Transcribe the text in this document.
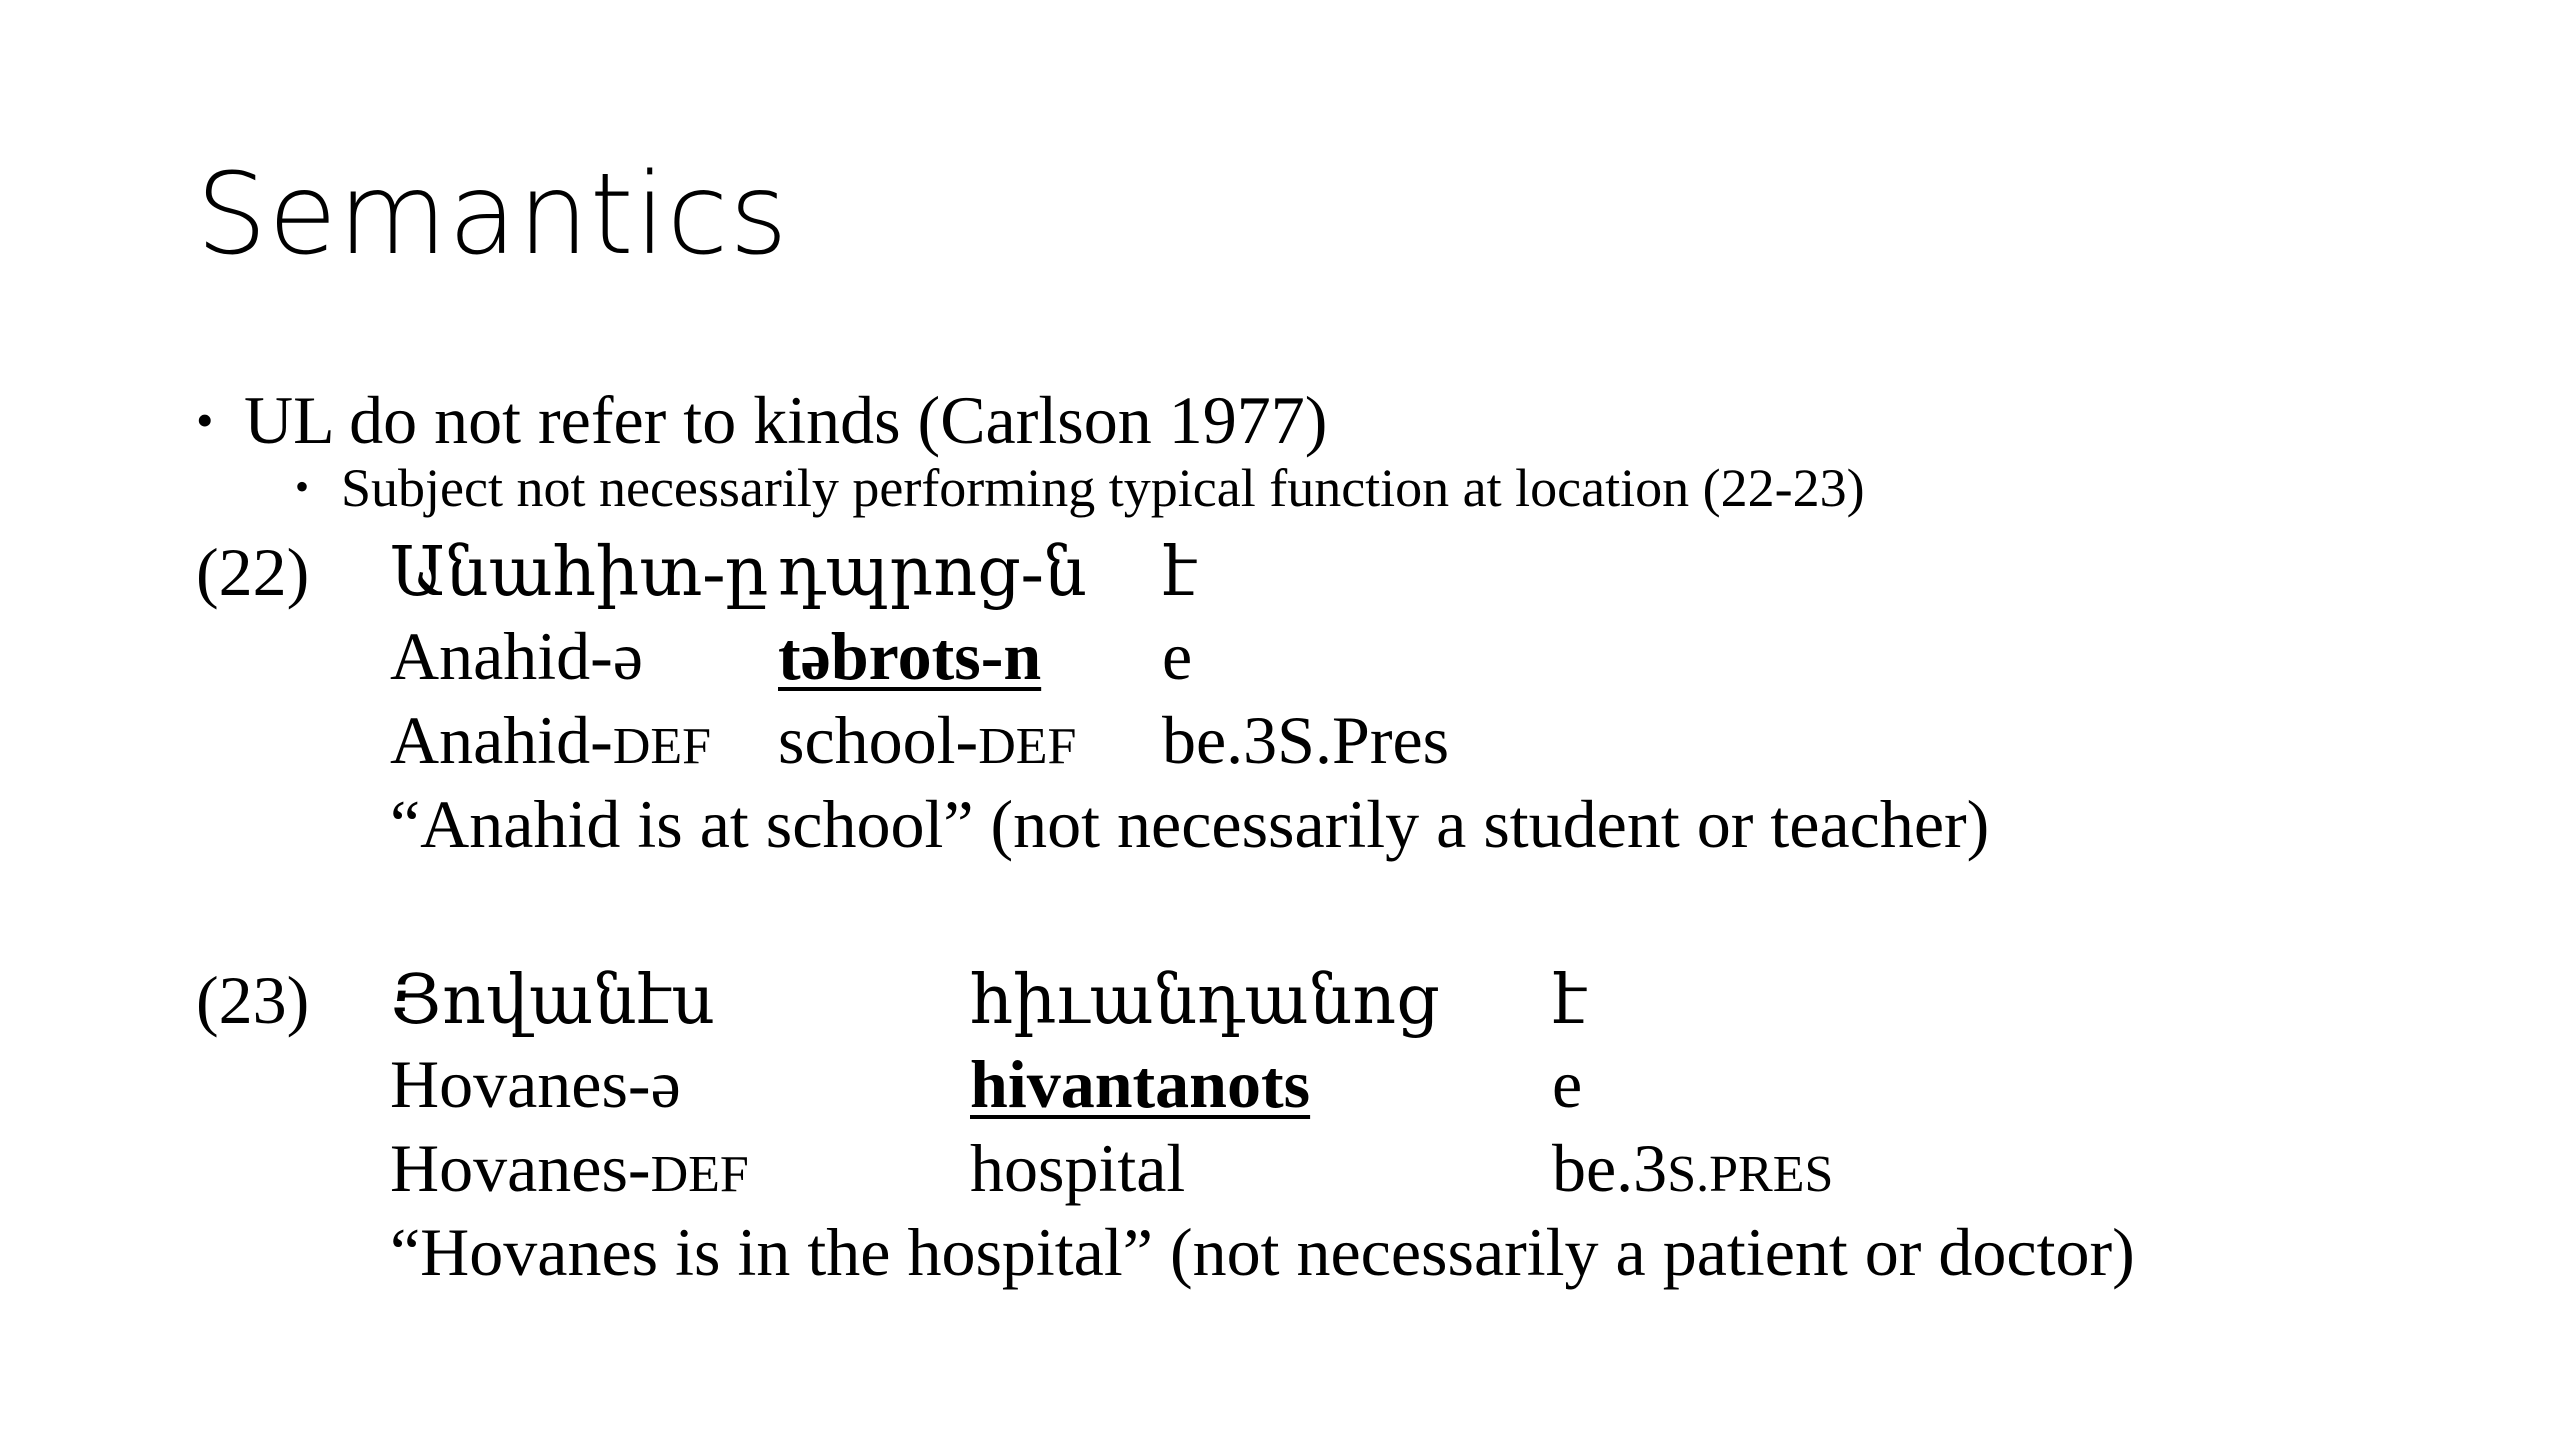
Semantics
• UL do not refer to kinds (Carlson 1977)
• Subject not necessarily performing typical function at location (22-23)
(22) Անահիտ-ը դպրոց-ն է
Anahid-ə təbrots-n e
Anahid-DEF school-DEF be.3S.Pres
“Anahid is at school” (not necessarily a student or teacher)
(23) Յովանէս	հիւանդանոց է
Hovanes-ə	hivantanots	e
Hovanes-DEF	hospital	be.3S.PRES
“Hovanes is in the hospital” (not necessarily a patient or doctor)
